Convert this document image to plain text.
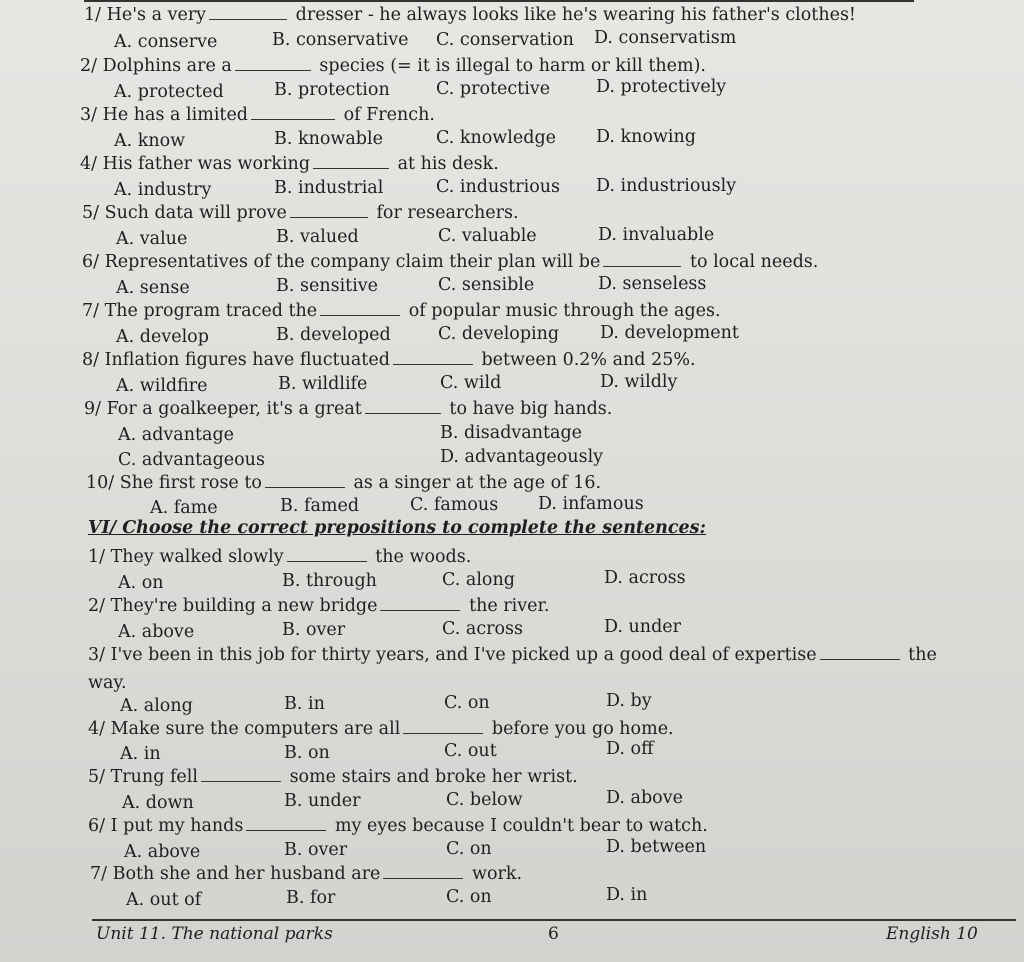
1/ He's a very	dresser - he always looks like he's wearing his father's clothes!
A. conserve	B. conservative C. conservation D. conservatism
2/ Dolphins are a	species (= it is illegal to harm or kill them).
A. protected	B. protection	C. protective	D. protectively
3/ He has a limited	of French.
A. know	B. knowable	C. knowledge D. knowing
4/ His father was working	at his desk.
A. industry	B. industrial	C. industrious D. industriously
5/ Such data will prove	for researchers.
A. value	B. valued	C. valuable	D. invaluable
6/ Representatives of the company claim their plan will be	to local needs.
A. sense	B. sensitive	C. sensible	D. senseless
7/ The program traced the	of popular music through the ages.
A. develop	B. developed	C. developing D. development
8/ Inflation figures have fluctuated	between 0.2% and 25%.
A. wildfire	B. wildlife	C. wild	D. wildly
9/ For a goalkeeper, it's a great	to have big hands.
A. advantage	B. disadvantage
C. advantageous	D. advantageously
10/ She first rose to	as a singer at the age of 16.
A. fame	B. famed	C. famous D. infamous
VI/ Choose the correct prepositions to complete the sentences:
1/ They walked slowly	the woods.
A. on	B. through	C. along	D. across
2/ They're building a new bridge	the river.
A. above	B. over	C. across	D. under
3/ I've been in this job for thirty years, and I've picked up a good deal of expertise	the
way.
A. along	B. in	C. on	D. by
4/ Make sure the computers are all	before you go home.
A. in	B. on	C. out	D. off
5/ Trung fell	some stairs and broke her wrist.
A. down	B. under	C. below	D. above
6/ I put my hands	my eyes because I couldn't bear to watch.
A. above	B. over	C. on	D. between
7/ Both she and her husband are	work.
A. out of	B. for	C. on	D. in
Unit 11. The national parks	6	English 10
